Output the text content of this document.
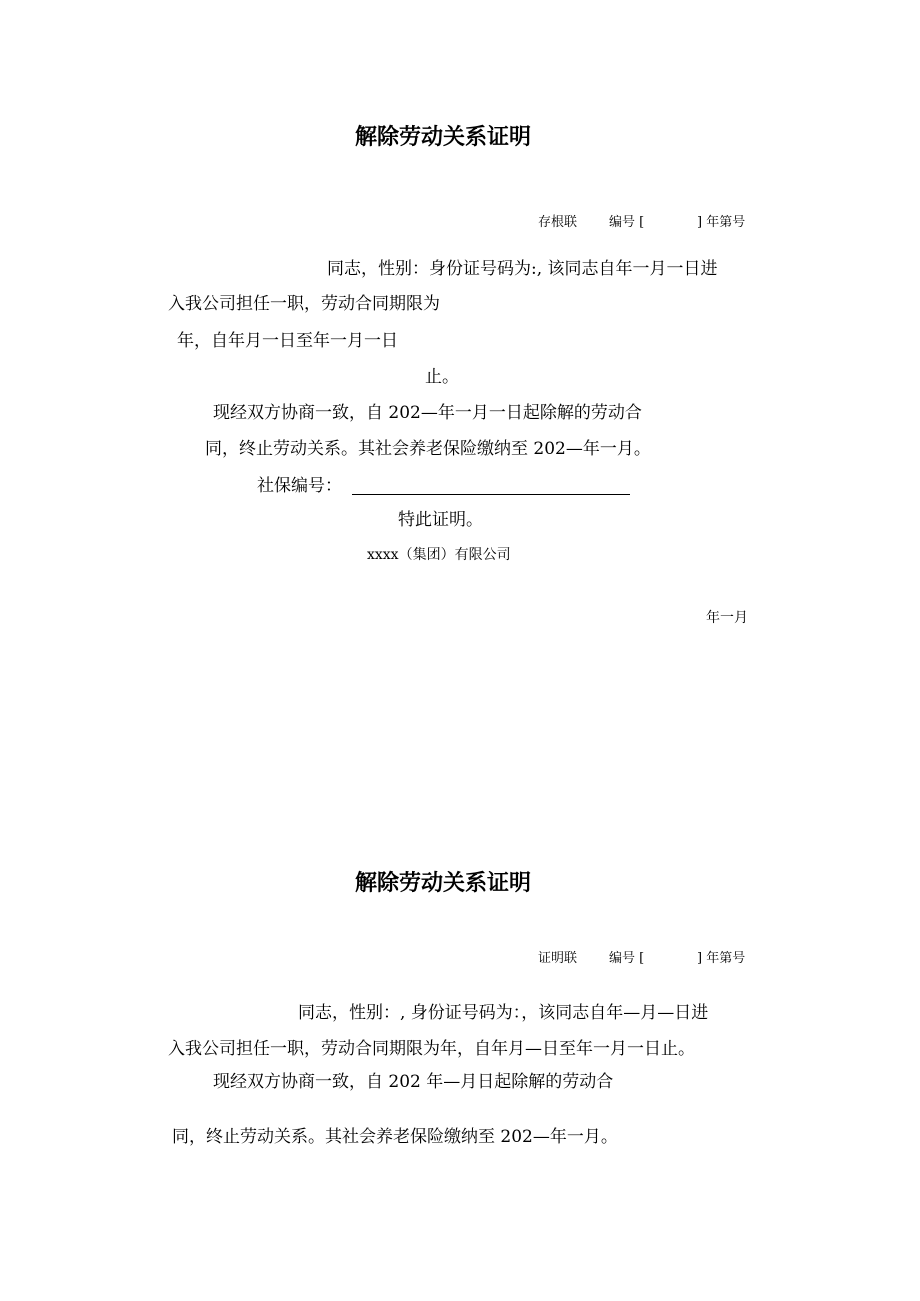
解除劳动关系证明
存根联 编号 [	] 年第号
同志，性别：身份证号码为:, 该同志自年一月一日进
入我公司担任一职，劳动合同期限为
年，自年月一日至年一月一日
止。
现经双方协商一致，自 202—年一月一日起除解的劳动合
同，终止劳动关系。其社会养老保险缴纳至 202—年一月。
社保编号：
特此证明。
xxxx（集团）有限公司
年一月
解除劳动关系证明
证明联 编号 [	] 年第号
同志，性别：, 身份证号码为：，该同志自年—月—日进
入我公司担任一职，劳动合同期限为年，自年月—日至年一月一日止。
现经双方协商一致，自 202 年—月日起除解的劳动合
同，终止劳动关系。其社会养老保险缴纳至 202—年一月。
